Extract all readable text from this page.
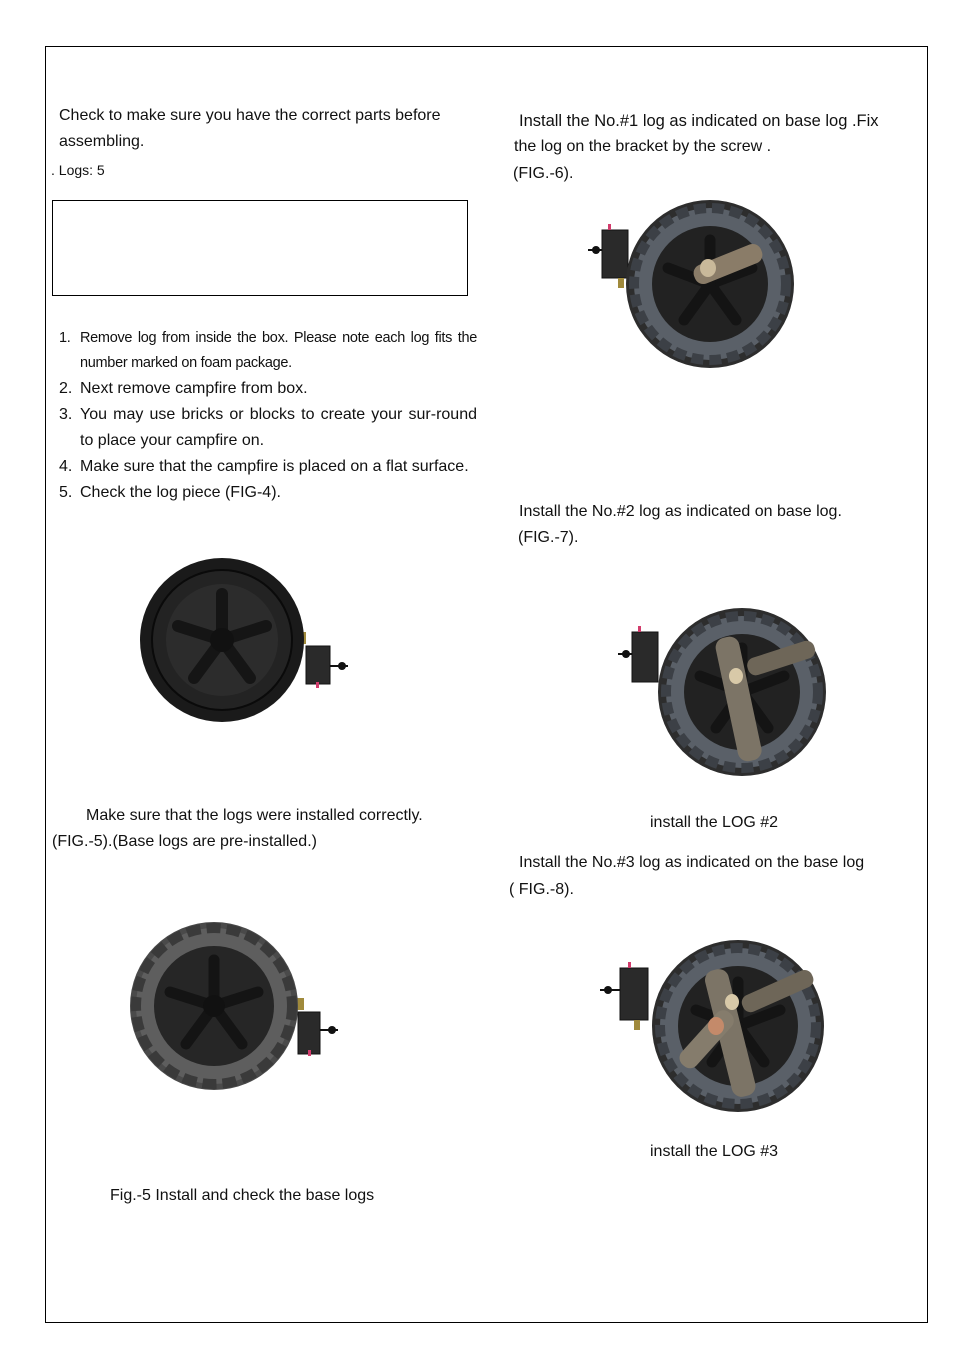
Check to make sure you have the correct parts before
assembling.
. Logs: 5
1. Remove log from inside the box. Please note each log fits the number marked on foam package.
2. Next remove campfire from box.
3. You may use bricks or blocks to create your sur-round to place your campfire on.
4. Make sure that the campfire is placed on a flat surface.
5. Check the log piece (FIG-4).
Make sure that the logs were installed correctly.
(FIG.-5).(Base logs are pre-installed.)
Fig.-5 Install and check the base logs
Install the No.#1 log as indicated on base log .Fix
the log on the bracket by the screw .
(FIG.-6).
Install the No.#2 log as indicated on base log.
(FIG.-7).
install the LOG #2
Install the No.#3 log as indicated on the base log
( FIG.-8).
install the LOG #3
